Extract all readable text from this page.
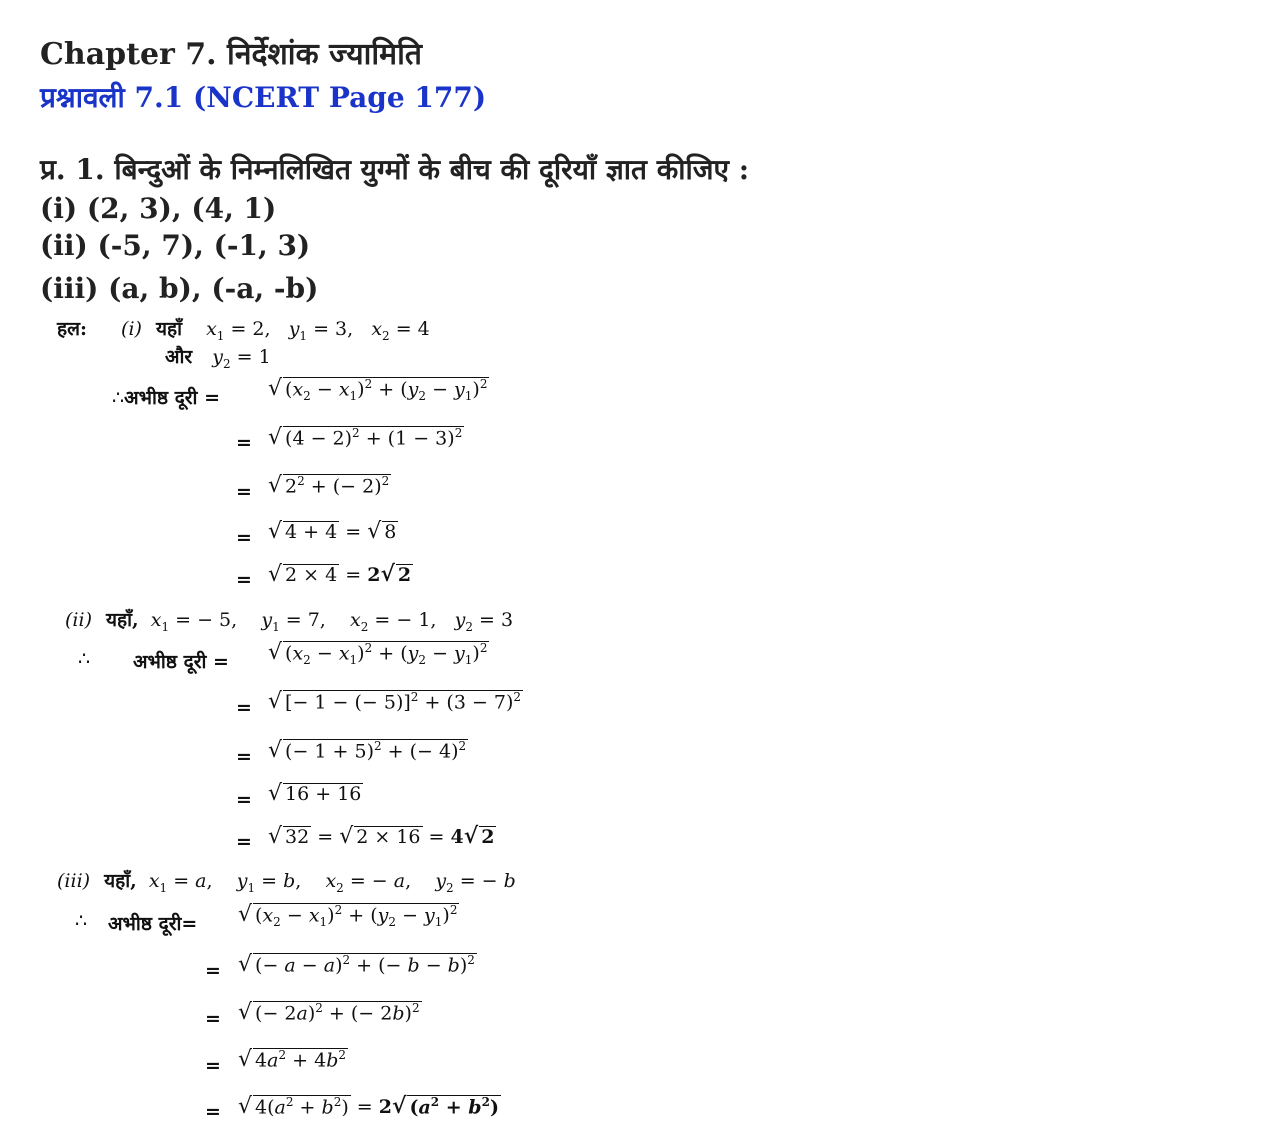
Chapter 7. निर्देशांक ज्यामिति
प्रश्नावली 7.1 (NCERT Page 177)
प्र. 1. बिन्दुओं के निम्नलिखित युग्मों के बीच की दूरियाँ ज्ञात कीजिए :
(i) (2, 3), (4, 1)
(ii) (-5, 7), (-1, 3)
(iii) (a, b), (-a, -b)
हल: (i) यहाँ $x_1 = 2$,   $y_1 = 3$,   $x_2 = 4$
और $y_2 = 1$
∴अभीष्ठ दूरी = √ $(x_2 - x_1)^2 + (y_2 - y_1)^2$
= √ $(4 - 2)^2 + (1 - 3)^2$
= √ $2^2$ + (− 2)$^2$
= √ 4 + 4 = √ 8
= √ 2 × 4 = 2√ 2
(ii) यहाँ, $x_1$ = − 5,    $y_1 = 7$,    $x_2$ = − 1,   $y_2 = 3$
∴ अभीष्ठ दूरी = √ $(x_2 - x_1)^2 + (y_2 - y_1)^2$
= √ [− 1 − (− $5)]^2 + (3 - 7)^2$
= √ (− 1 + 5)$^2$ + (− 4)$^2$
= √ 16 + 16
= √ 32 = √ 2 × 16 = 4√ 2
(iii) यहाँ, $x_1 = a$,    $y_1 = b$,    $x_2$ = − a,    $y_2$ = − b
∴ अभीष्ठ दूरी= √ $(x_2 - x_1)^2 + (y_2 - y_1)^2$
= √ (− a − a)$^2$ + (− b − b)$^2$
= √ (− 2a)$^2$ + (− 2b)$^2$
= √ $4a^2 + 4b^2$
= √ $4(a^2 + b^2) = 2√$ $(a^2 + b^2)$
